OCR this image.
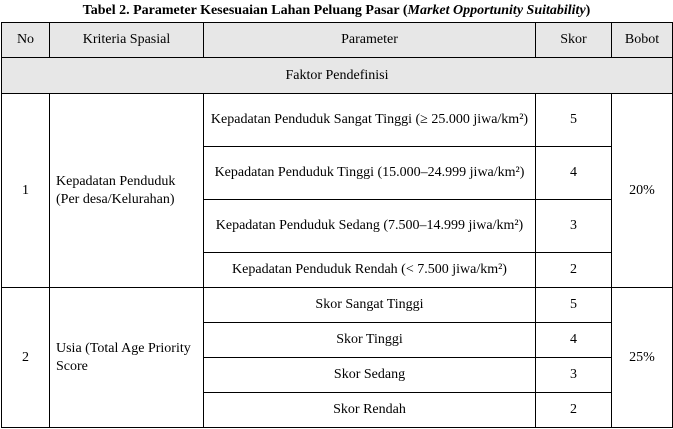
Tabel 2. Parameter Kesesuaian Lahan Peluang Pasar (Market Opportunity Suitability)
No	Kriteria Spasial	Parameter	Skor	Bobot
Faktor Pendefinisi				
1	Kepadatan Penduduk (Per desa/Kelurahan)	Kepadatan Penduduk Sangat Tinggi (≥ 25.000 jiwa/km²)	5	20%
		Kepadatan Penduduk Tinggi (15.000–24.999 jiwa/km²)	4	
		Kepadatan Penduduk Sedang (7.500–14.999 jiwa/km²)	3	
		Kepadatan Penduduk Rendah (< 7.500 jiwa/km²)	2	
2	Usia (Total Age Priority Score	Skor Sangat Tinggi	5	25%
		Skor Tinggi	4	
		Skor Sedang	3	
		Skor Rendah	2	
